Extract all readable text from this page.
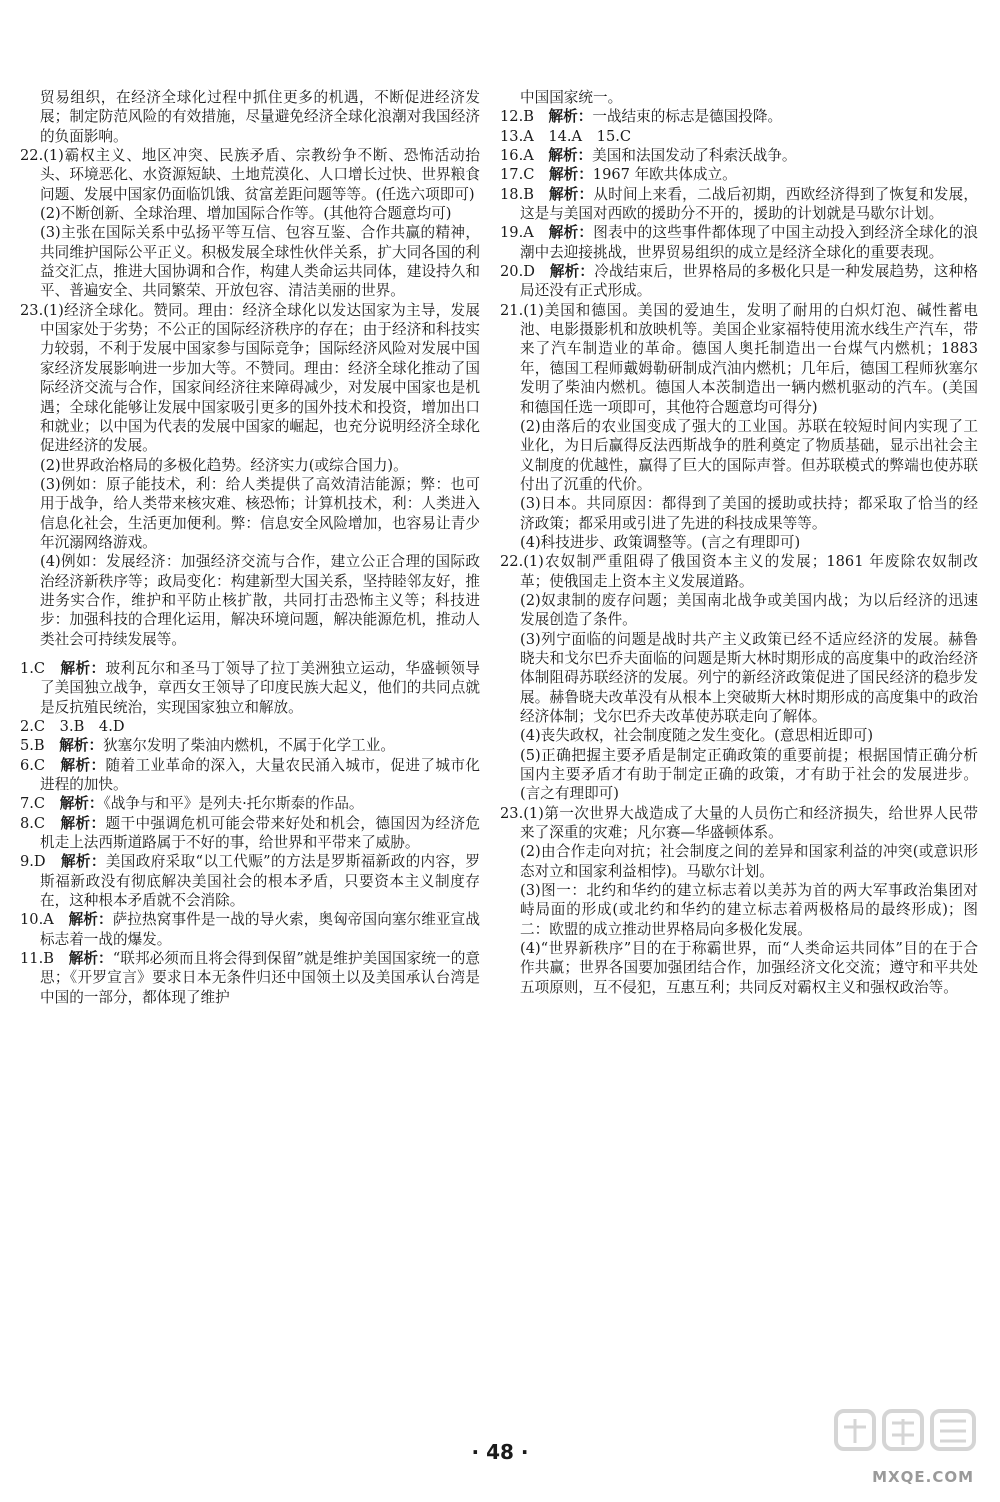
贸易组织，在经济全球化过程中抓住更多的机遇，不断促进经济发展；制定防范风险的有效措施，尽量避免经济全球化浪潮对我国经济的负面影响。

22.(1)霸权主义、地区冲突、民族矛盾、宗教纷争不断、恐怖活动抬头、环境恶化、水资源短缺、土地荒漠化、人口增长过快、世界粮食问题、发展中国家仍面临饥饿、贫富差距问题等等。(任选六项即可)

(2)不断创新、全球治理、增加国际合作等。(其他符合题意均可)

(3)主张在国际关系中弘扬平等互信、包容互鉴、合作共赢的精神，共同维护国际公平正义。积极发展全球性伙伴关系，扩大同各国的利益交汇点，推进大国协调和合作，构建人类命运共同体，建设持久和平、普遍安全、共同繁荣、开放包容、清洁美丽的世界。

23.(1)经济全球化。赞同。理由：经济全球化以发达国家为主导，发展中国家处于劣势；不公正的国际经济秩序的存在；由于经济和科技实力较弱，不利于发展中国家参与国际竞争；国际经济风险对发展中国家经济发展影响进一步加大等。不赞同。理由：经济全球化推动了国际经济交流与合作，国家间经济往来障碍减少，对发展中国家也是机遇；全球化能够让发展中国家吸引更多的国外技术和投资，增加出口和就业；以中国为代表的发展中国家的崛起，也充分说明经济全球化促进经济的发展。

(2)世界政治格局的多极化趋势。经济实力(或综合国力)。

(3)例如：原子能技术，利：给人类提供了高效清洁能源；弊：也可用于战争，给人类带来核灾难、核恐怖；计算机技术，利：人类进入信息化社会，生活更加便利。弊：信息安全风险增加，也容易让青少年沉溺网络游戏。

(4)例如：发展经济：加强经济交流与合作，建立公正合理的国际政治经济新秩序等；政局变化：构建新型大国关系，坚持睦邻友好，推进务实合作，维护和平防止核扩散，共同打击恐怖主义等；科技进步：加强科技的合理化运用，解决环境问题，解决能源危机，推动人类社会可持续发展等。

1.C　 解析：玻利瓦尔和圣马丁领导了拉丁美洲独立运动，华盛顿领导了美国独立战争，章西女王领导了印度民族大起义，他们的共同点就是反抗殖民统治，实现国家独立和解放。

2.C　3.B　4.D

5.B　 解析：狄塞尔发明了柴油内燃机，不属于化学工业。

6.C　 解析：随着工业革命的深入，大量农民涌入城市，促进了城市化进程的加快。

7.C　 解析：《战争与和平》是列夫·托尔斯泰的作品。

8.C　 解析：题干中强调危机可能会带来好处和机会，德国因为经济危机走上法西斯道路属于不好的事，给世界和平带来了威胁。

9.D　 解析：美国政府采取“以工代赈”的方法是罗斯福新政的内容，罗斯福新政没有彻底解决美国社会的根本矛盾，只要资本主义制度存在，这种根本矛盾就不会消除。

10.A　 解析：萨拉热窝事件是一战的导火索，奥匈帝国向塞尔维亚宣战标志着一战的爆发。

11.B　 解析：“联邦必须而且将会得到保留”就是维护美国国家统一的意思；《开罗宣言》要求日本无条件归还中国领土以及美国承认台湾是中国的一部分，都体现了维护

中国国家统一。

12.B　 解析：一战结束的标志是德国投降。

13.A　14.A　15.C

16.A　 解析：美国和法国发动了科索沃战争。

17.C　 解析：1967 年欧共体成立。

18.B　 解析：从时间上来看，二战后初期，西欧经济得到了恢复和发展，这是与美国对西欧的援助分不开的，援助的计划就是马歇尔计划。

19.A　 解析：图表中的这些事件都体现了中国主动投入到经济全球化的浪潮中去迎接挑战，世界贸易组织的成立是经济全球化的重要表现。

20.D　 解析：冷战结束后，世界格局的多极化只是一种发展趋势，这种格局还没有正式形成。

21.(1)美国和德国。美国的爱迪生，发明了耐用的白炽灯泡、碱性蓄电池、电影摄影机和放映机等。美国企业家福特使用流水线生产汽车，带来了汽车制造业的革命。德国人奥托制造出一台煤气内燃机；1883 年，德国工程师戴姆勒研制成汽油内燃机；几年后，德国工程师狄塞尔发明了柴油内燃机。德国人本茨制造出一辆内燃机驱动的汽车。(美国和德国任选一项即可，其他符合题意均可得分)

(2)由落后的农业国变成了强大的工业国。苏联在较短时间内实现了工业化，为日后赢得反法西斯战争的胜利奠定了物质基础，显示出社会主义制度的优越性，赢得了巨大的国际声誉。但苏联模式的弊端也使苏联付出了沉重的代价。

(3)日本。共同原因：都得到了美国的援助或扶持；都采取了恰当的经济政策；都采用或引进了先进的科技成果等等。

(4)科技进步、政策调整等。(言之有理即可)

22.(1)农奴制严重阻碍了俄国资本主义的发展；1861 年废除农奴制改革；使俄国走上资本主义发展道路。

(2)奴隶制的废存问题；美国南北战争或美国内战；为以后经济的迅速发展创造了条件。

(3)列宁面临的问题是战时共产主义政策已经不适应经济的发展。赫鲁晓夫和戈尔巴乔夫面临的问题是斯大林时期形成的高度集中的政治经济体制阻碍苏联经济的发展。列宁的新经济政策促进了国民经济的稳步发展。赫鲁晓夫改革没有从根本上突破斯大林时期形成的高度集中的政治经济体制；戈尔巴乔夫改革使苏联走向了解体。

(4)丧失政权，社会制度随之发生变化。(意思相近即可)

(5)正确把握主要矛盾是制定正确政策的重要前提；根据国情正确分析国内主要矛盾才有助于制定正确的政策，才有助于社会的发展进步。(言之有理即可)

23.(1)第一次世界大战造成了大量的人员伤亡和经济损失，给世界人民带来了深重的灾难；凡尔赛—华盛顿体系。

(2)由合作走向对抗；社会制度之间的差异和国家利益的冲突(或意识形态对立和国家利益相悖)。马歇尔计划。

(3)图一：北约和华约的建立标志着以美苏为首的两大军事政治集团对峙局面的形成(或北约和华约的建立标志着两极格局的最终形成)；图二：欧盟的成立推动世界格局向多极化发展。

(4)“世界新秩序”目的在于称霸世界，而“人类命运共同体”目的在于合作共赢；世界各国要加强团结合作，加强经济文化交流；遵守和平共处五项原则，互不侵犯，互惠互利；共同反对霸权主义和强权政治等。

· 48 ·
MXQE.COM
